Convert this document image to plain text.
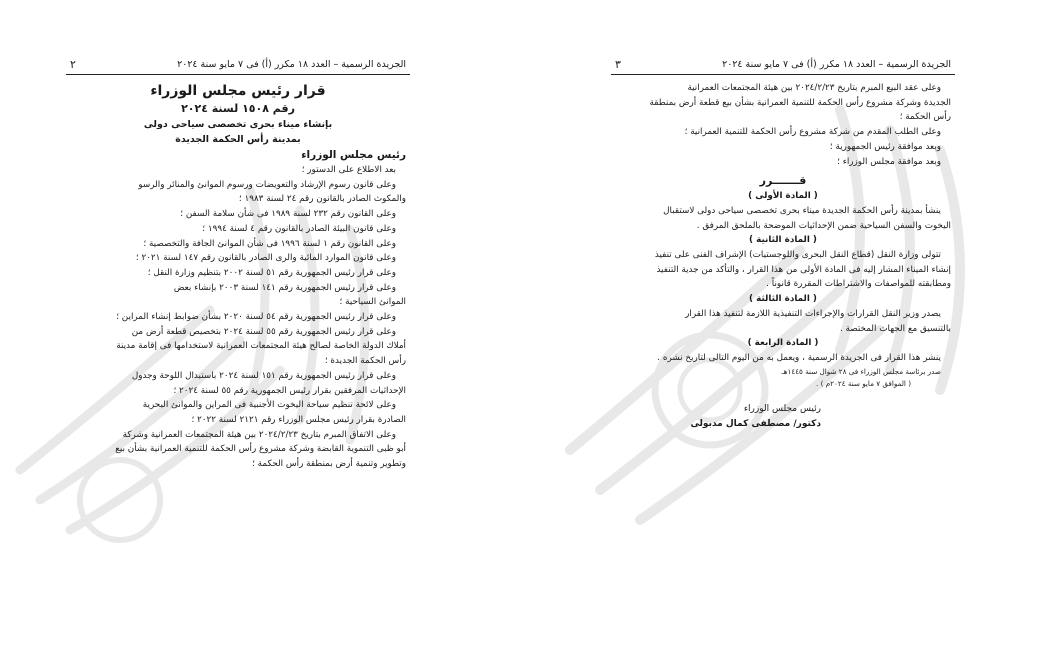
الجريدة الرسمية – العدد ١٨ مكرر (أ) فى ٧ مايو سنة ٢٠٢٤
٢
قرار رئيس مجلس الوزراء
رقم ١٥٠٨ لسنة ٢٠٢٤
بإنشاء ميناء بحرى تخصصى سياحى دولى
بمدينة رأس الحكمة الجديدة
رئيس مجلس الوزراء
بعد الاطلاع على الدستور ؛
وعلى قانون رسوم الإرشاد والتعويضات ورسوم الموانئ والمنائر والرسو
والمكوث الصادر بالقانون رقم ٢٤ لسنة ١٩٨٣ ؛
وعلى القانون رقم ٢٣٢ لسنة ١٩٨٩ فى شأن سلامة السفن ؛
وعلى قانون البيئة الصادر بالقانون رقم ٤ لسنة ١٩٩٤ ؛
وعلى القانون رقم ١ لسنة ١٩٩٦ فى شأن الموانئ الجافة والتخصصية ؛
وعلى قانون الموارد المائية والرى الصادر بالقانون رقم ١٤٧ لسنة ٢٠٢١ ؛
وعلى قرار رئيس الجمهورية رقم ٥١ لسنة ٢٠٠٢ بتنظيم وزارة النقل ؛
وعلى قرار رئيس الجمهورية رقم ١٤١ لسنة ٢٠٠٣ بإنشاء بعض
الموانئ السياحية ؛
وعلى قرار رئيس الجمهورية رقم ٥٤ لسنة ٢٠٢٠ بشأن ضوابط إنشاء المراين ؛
وعلى قرار رئيس الجمهورية رقم ٥٥ لسنة ٢٠٢٤ بتخصيص قطعة أرض من
أملاك الدولة الخاصة لصالح هيئة المجتمعات العمرانية لاستخدامها فى إقامة مدينة
رأس الحكمة الجديدة ؛
وعلى قرار رئيس الجمهورية رقم ١٥١ لسنة ٢٠٢٤ باستبدال اللوحة وجدول
الإحداثيات المرفقين بقرار رئيس الجمهورية رقم ٥٥ لسنة ٢٠٢٤ ؛
وعلى لائحة تنظيم سياحة اليخوت الأجنبية فى المراين والموانئ البحرية
الصادرة بقرار رئيس مجلس الوزراء رقم ٢١٢١ لسنة ٢٠٢٢ ؛
وعلى الاتفاق المبرم بتاريخ ٢٠٢٤/٢/٢٣ بين هيئة المجتمعات العمرانية وشركة
أبو ظبى التنموية القابضة وشركة مشروع رأس الحكمة للتنمية العمرانية بشأن بيع
وتطوير وتنمية أرض بمنطقة رأس الحكمة ؛
الجريدة الرسمية – العدد ١٨ مكرر (أ) فى ٧ مايو سنة ٢٠٢٤
٣
وعلى عقد البيع المبرم بتاريخ ٢٠٢٤/٢/٢٣ بين هيئة المجتمعات العمرانية
الجديدة وشركة مشروع رأس الحكمة للتنمية العمرانية بشأن بيع قطعة أرض بمنطقة
رأس الحكمة ؛
وعلى الطلب المقدم من شركة مشروع رأس الحكمة للتنمية العمرانية ؛
وبعد موافقة رئيس الجمهورية ؛
وبعد موافقة مجلس الوزراء ؛
قـــــــرر
( المادة الأولى )
ينشأ بمدينة رأس الحكمة الجديدة ميناء بحرى تخصصى سياحى دولى لاستقبال
اليخوت والسفن السياحية ضمن الإحداثيات الموضحة بالملحق المرفق .
( المادة الثانية )
تتولى وزارة النقل (قطاع النقل البحرى واللوجستيات) الإشراف الفنى على تنفيذ
إنشاء الميناء المشار إليه فى المادة الأولى من هذا القرار ، والتأكد من جدية التنفيذ
ومطابقته للمواصفات والاشتراطات المقررة قانوناً .
( المادة الثالثة )
يصدر وزير النقل القرارات والإجراءات التنفيذية اللازمة لتنفيذ هذا القرار
بالتنسيق مع الجهات المختصة .
( المادة الرابعة )
ينشر هذا القرار فى الجريدة الرسمية ، ويعمل به من اليوم التالى لتاريخ نشره .
صدر برئاسة مجلس الوزراء فى ٢٨ شوال سنة ١٤٤٥هـ
( الموافق ٧ مايو سنة ٢٠٢٤م ) .
رئيس مجلس الوزراء
دكتور/ مصطفى كمال مدبولى
